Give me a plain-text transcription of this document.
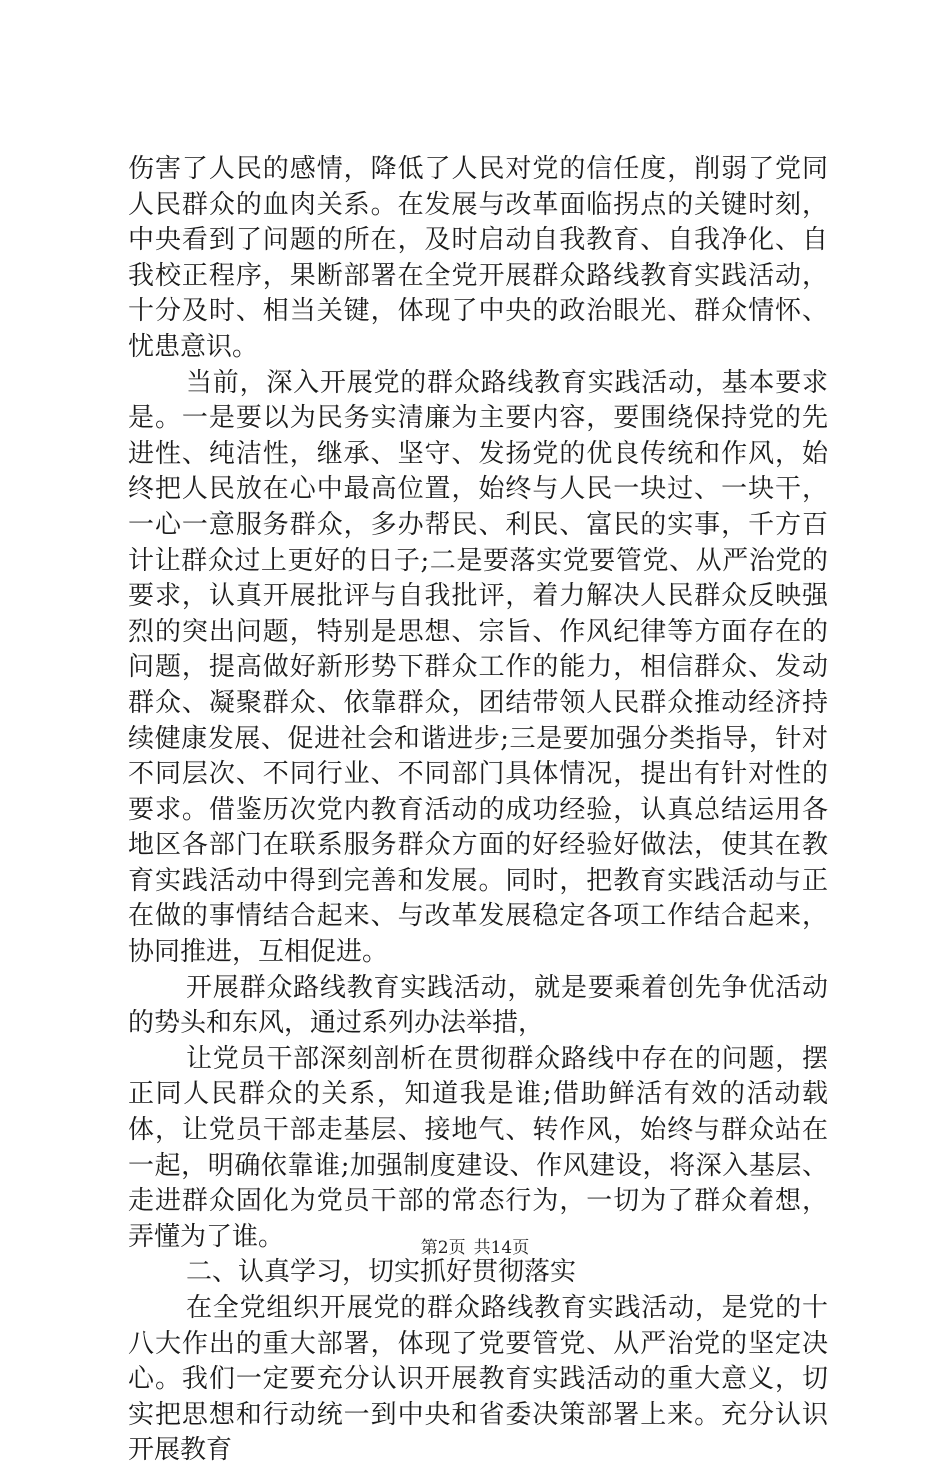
伤害了人民的感情，降低了人民对党的信任度，削弱了党同人民群众的血肉关系。在发展与改革面临拐点的关键时刻，中央看到了问题的所在，及时启动自我教育、自我净化、自我校正程序，果断部署在全党开展群众路线教育实践活动，十分及时、相当关键，体现了中央的政治眼光、群众情怀、忧患意识。

当前，深入开展党的群众路线教育实践活动，基本要求是。一是要以为民务实清廉为主要内容，要围绕保持党的先进性、纯洁性，继承、坚守、发扬党的优良传统和作风，始终把人民放在心中最高位置，始终与人民一块过、一块干，一心一意服务群众，多办帮民、利民、富民的实事，千方百计让群众过上更好的日子;二是要落实党要管党、从严治党的要求，认真开展批评与自我批评，着力解决人民群众反映强烈的突出问题，特别是思想、宗旨、作风纪律等方面存在的问题，提高做好新形势下群众工作的能力，相信群众、发动群众、凝聚群众、依靠群众，团结带领人民群众推动经济持续健康发展、促进社会和谐进步;三是要加强分类指导，针对不同层次、不同行业、不同部门具体情况，提出有针对性的要求。借鉴历次党内教育活动的成功经验，认真总结运用各地区各部门在联系服务群众方面的好经验好做法，使其在教育实践活动中得到完善和发展。同时，把教育实践活动与正在做的事情结合起来、与改革发展稳定各项工作结合起来，协同推进，互相促进。

开展群众路线教育实践活动，就是要乘着创先争优活动的势头和东风，通过系列办法举措，

让党员干部深刻剖析在贯彻群众路线中存在的问题，摆正同人民群众的关系，知道我是谁;借助鲜活有效的活动载体，让党员干部走基层、接地气、转作风，始终与群众站在一起，明确依靠谁;加强制度建设、作风建设，将深入基层、走进群众固化为党员干部的常态行为，一切为了群众着想，弄懂为了谁。

二、认真学习，切实抓好贯彻落实

在全党组织开展党的群众路线教育实践活动，是党的十八大作出的重大部署，体现了党要管党、从严治党的坚定决心。我们一定要充分认识开展教育实践活动的重大意义，切实把思想和行动统一到中央和省委决策部署上来。充分认识开展教育

第2页 共14页
